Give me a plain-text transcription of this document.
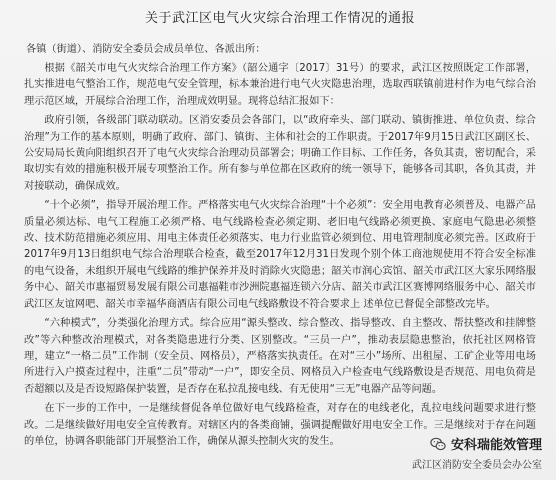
关于武江区电气火灾综合治理工作情况的通报
各镇（街道）、消防安全委员会成员单位、各派出所：
根据《韶关市电气火灾综合治理工作方案》（韶公通字〔2017〕31号）的要求，武江区按照既定工作部署，扎实推进电气整治工作，规范电气安全管理，标本兼治进行电气火灾隐患治理，选取西联镇前进村作为电气综合治理示范区域，开展综合治理工作，治理成效明显。现将总结汇报如下：
政府引领，各级部门联动联动。区消安委员会各部门，以“政府牵头、部门联动、镇街推进、单位负责、综合治理”为工作的基本原则，明确了政府、部门、镇街、主体和社会的工作职责。于2017年9月15日武江区副区长、公安局局长黄向阳组织召开了电气火灾综合治理动员部署会；明确工作目标、工作任务，各负其责，密切配合，采取切实有效的措施积极开展专项整治工作。所有参与单位都在区政府的统一领导下，能够各司其职，各负其责，并对接联动，确保成效。
“十个必须”，指导开展治理工作。严格落实电气火灾综合治理“十个必须”：安全用电教育必须普及、电器产品质量必须达标、电气工程施工必须严格、电气线路检查必须定期、老旧电气线路必须更换、家庭电气隐患必须整改、技术防范措施必须应用、用电主体责任必须落实、电力行业监管必须到位、用电管理制度必须完善。区政府于2017年9月13日组织电气综合治理联合检查，截至2017年12月31日发现个别个体工商池规使用不符合安全标准的电气设备，未组织开展电气线路的维护保养并及时消除火灾隐患；韶关市润心宾馆、韶关市武江区大家乐网络服务中心、韶关市惠福贸易发展有限公司惠福鞋市沙洲院惠福连锁六分店、韶关市武江区赛博网络服务中心、韶关市武江区友谊网吧、韶关市幸福华商酒店有限公司电气线路敷设不符合要求上 述单位已督促全部整改完毕。
“六种模式”，分类强化治理方式。综合应用“源头整改、综合整改、指导整改、自主整改、帮扶整改和挂牌整改”等六种整改治理模式，对各类隐患进行分类、区别整改。“三员一户”，推动表层隐患整治，依托社区网格管理，建立“一格二员”工作制（安全员、网格员），严格落实执责任。在对“三小”场所、出租屋、工矿企业等用电场所进行入户摸查过程中，注重“二员”带动“一户”，即安全员、网格员入户检查电气线路敷设是否规范、用电负荷是否超额以及是否设短路保护装置，是否存在私拉乱接电线、有无使用“三无”电器产品等问题。
在下一步的工作中，一是继续督促各单位做好电气线路检查，对存在的电线老化，乱拉电线问题要求进行整改。二是继续做好用电安全宣传教育。对辖区内的各类商铺，强调提醒做好用电安全工作。三是继续对于存在问题的单位，协调各职能部门开展整治工作，确保从源头控制火灾的发生。	安科瑞能效管理
武江区消防安全委员会办公室
